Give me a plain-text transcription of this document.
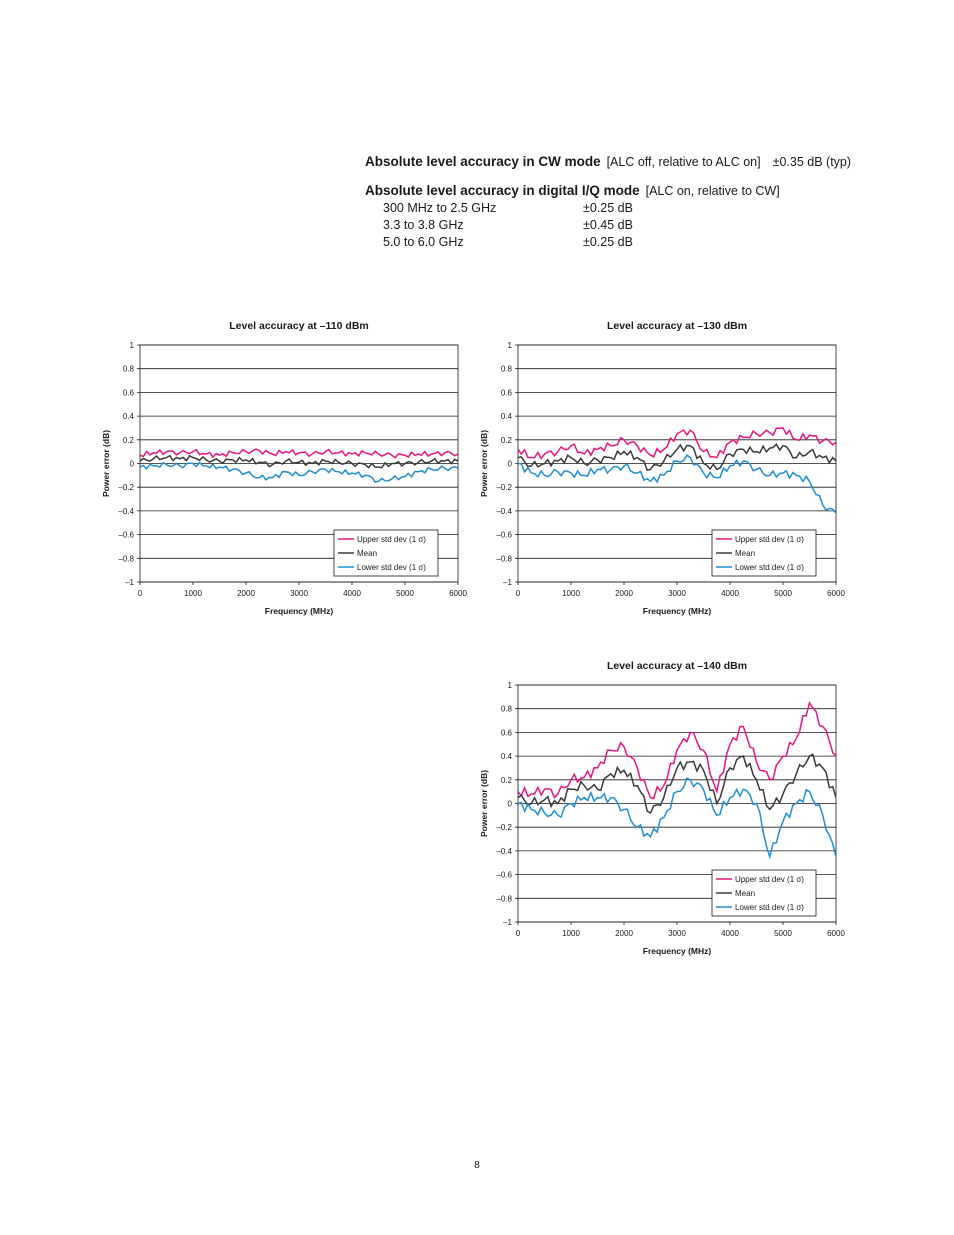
Absolute level accuracy in CW mode [ALC off, relative to ALC on] ±0.35 dB (typ)
Absolute level accuracy in digital I/Q mode [ALC on, relative to CW]
300 MHz to 2.5 GHz	±0.25 dB
3.3 to 3.8 GHz	±0.45 dB
5.0 to 6.0 GHz	±0.25 dB
Level accuracy at –110 dBm
1
0.8
0.6
0.4
0.2
0
–0.2
–0.4
–0.6
–0.8
–1
0	1000	2000	3000	4000	5000	6000
Frequency (MHz)
Power error (dB)
Upper std dev (1 σ)
Mean
Lower std dev (1 σ)
Level accuracy at –130 dBm
1
0.8
0.6
0.4
0.2
0
–0.2
–0.4
–0.6
–0.8
–1
0	1000	2000	3000	4000	5000	6000
Frequency (MHz)
Power error (dB)
Upper std dev (1 σ)
Mean
Lower std dev (1 σ)
Level accuracy at –140 dBm
1
0.8
0.6
0.4
0.2
0
–0.2
–0.4
–0.6
–0.8
–1
0	1000	2000	3000	4000	5000	6000
Frequency (MHz)
Power error (dB)
Upper std dev (1 σ)
Mean
Lower std dev (1 σ)
8
